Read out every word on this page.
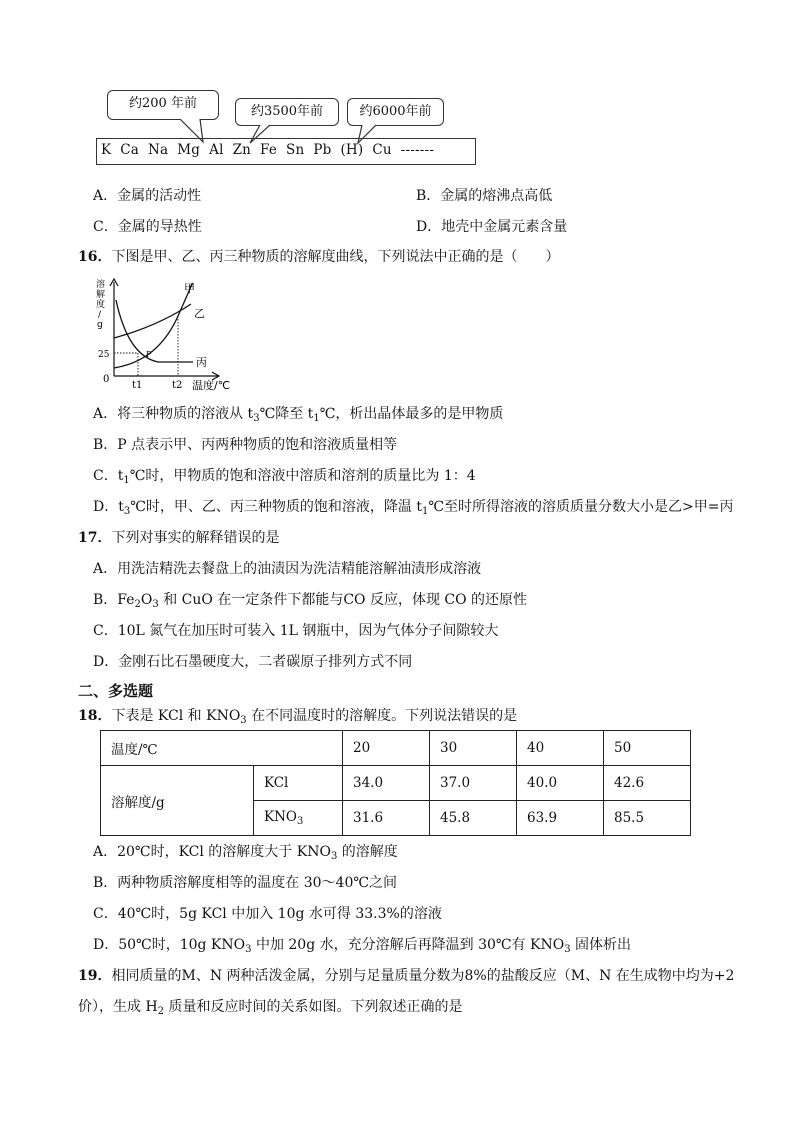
约200 年前
约3500年前	约6000年前
K  Ca  Na  Mg  Al  Zn  Fe  Sn  Pb  (H)  Cu  -------
A．金属的活动性	B．金属的熔沸点高低
C．金属的导热性	D．地壳中金属元素含量
16．下图是甲、乙、丙三种物质的溶解度曲线，下列说法中正确的是（　　）
溶
解
度
/
g
0
25
甲
乙
丙
P
t1	t2 温度/℃
A．将三种物质的溶液从 $t_3℃$降至 $t_1℃$，析出晶体最多的是甲物质
B．P 点表示甲、丙两种物质的饱和溶液质量相等
C．$t_1℃$时，甲物质的饱和溶液中溶质和溶剂的质量比为 1：4
D．$t_3℃$时，甲、乙、丙三种物质的饱和溶液，降温 $t_1℃$至时所得溶液的溶质质量分数大小是乙>甲=丙
17．下列对事实的解释错误的是
A．用洗洁精洗去餐盘上的油渍因为洗洁精能溶解油渍形成溶液
B．$Fe_2O_3$ 和 CuO 在一定条件下都能与CO 反应，体现 CO 的还原性
C．10L 氮气在加压时可装入 1L 钢瓶中，因为气体分子间隙较大
D．金刚石比石墨硬度大，二者碳原子排列方式不同
二、多选题
18．下表是 KCl 和 $KNO_3$ 在不同温度时的溶解度。下列说法错误的是
温度/℃		20	30	40	50
溶解度/g	KCl	34.0	37.0	40.0	42.6
	$KNO_3$	31.6	45.8	63.9	85.5
A．20℃时，KCl 的溶解度大于 $KNO_3$ 的溶解度
B．两种物质溶解度相等的温度在 30～40℃之间
C．40℃时，5g KCl 中加入 10g 水可得 33.3%的溶液
D．50℃时，10g $KNO_3$ 中加 20g 水，充分溶解后再降温到 30℃有 $KNO_3$ 固体析出
19．相同质量的M、N 两种活泼金属，分别与足量质量分数为8%的盐酸反应（M、N 在生成物中均为+2
价），生成 $H_2$ 质量和反应时间的关系如图。下列叙述正确的是
